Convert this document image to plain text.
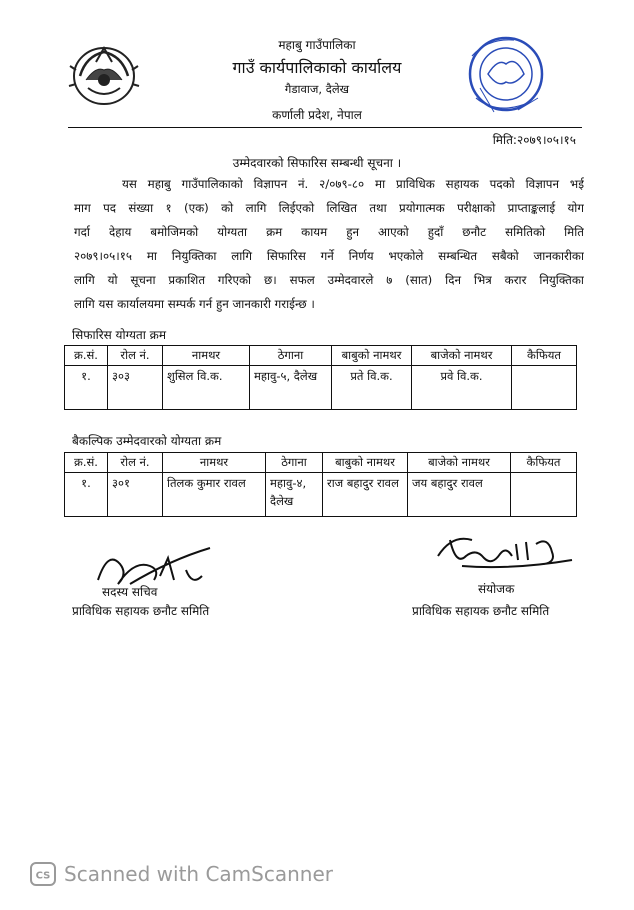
महाबु गाउँपालिका
गाउँ कार्यपालिकाको कार्यालय
गैडावाज, दैलेख
कर्णाली प्रदेश, नेपाल
मिति:२०७९।०५।१५
उम्मेदवारको सिफारिस सम्बन्धी सूचना ।
यस महाबु गाउँपालिकाको विज्ञापन नं. २/०७९-८० मा प्राविधिक सहायक पदको विज्ञापन भई
माग पद संख्या १ (एक) को लागि लिईएको लिखित तथा प्रयोगात्मक परीक्षाको प्राप्ताङ्कलाई योग
गर्दा देहाय बमोजिमको योग्यता क्रम कायम हुन आएको हुदाँ छनौट समितिको मिति
२०७९।०५।१५ मा नियुक्तिका लागि सिफारिस गर्ने निर्णय भएकोले सम्बन्धित सबैको जानकारीका
लागि यो सूचना प्रकाशित गरिएको छ। सफल उम्मेदवारले ७ (सात) दिन भित्र करार नियुक्तिका
लागि यस कार्यालयमा सम्पर्क गर्न हुन जानकारी गराईन्छ ।
सिफारिस योग्यता क्रम
क्र.सं.	रोल नं.	नामथर	ठेगाना	बाबुको नामथर	बाजेको नामथर	कैफियत
१.	३०३	शुसिल वि.क.	महावु-५, दैलेख	प्रते वि.क.	प्रवे वि.क.	
बैकल्पिक उम्मेदवारको योग्यता क्रम
क्र.सं.	रोल नं.	नामथर	ठेगाना	बाबुको नामथर	बाजेको नामथर	कैफियत
१.	३०१	तिलक कुमार रावल	महावु-४, दैलेख	राज बहादुर रावल	जय बहादुर रावल	
सदस्य सचिव
प्राविधिक सहायक छनौट समिति
संयोजक
प्राविधिक सहायक छनौट समिति
CS Scanned with CamScanner
